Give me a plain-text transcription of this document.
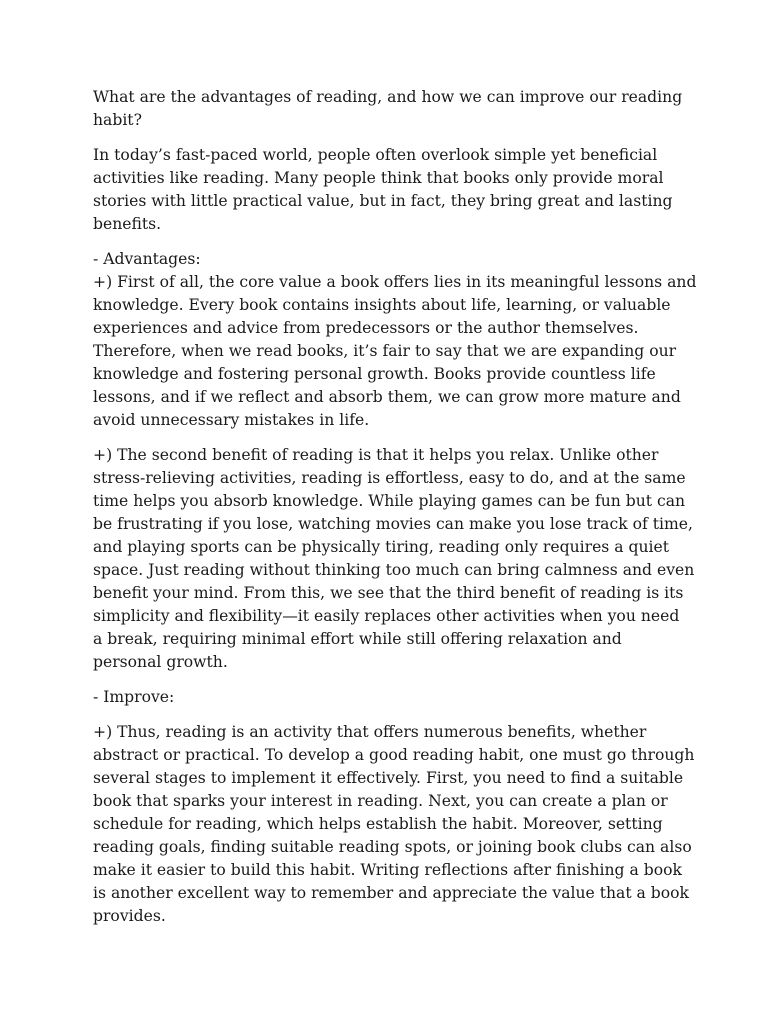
What are the advantages of reading, and how we can improve our reading
habit?

In today’s fast-paced world, people often overlook simple yet beneficial
activities like reading. Many people think that books only provide moral
stories with little practical value, but in fact, they bring great and lasting
benefits.

- Advantages:
+) First of all, the core value a book offers lies in its meaningful lessons and
knowledge. Every book contains insights about life, learning, or valuable
experiences and advice from predecessors or the author themselves.
Therefore, when we read books, it’s fair to say that we are expanding our
knowledge and fostering personal growth. Books provide countless life
lessons, and if we reflect and absorb them, we can grow more mature and
avoid unnecessary mistakes in life.

+) The second benefit of reading is that it helps you relax. Unlike other
stress-relieving activities, reading is effortless, easy to do, and at the same
time helps you absorb knowledge. While playing games can be fun but can
be frustrating if you lose, watching movies can make you lose track of time,
and playing sports can be physically tiring, reading only requires a quiet
space. Just reading without thinking too much can bring calmness and even
benefit your mind. From this, we see that the third benefit of reading is its
simplicity and flexibility—it easily replaces other activities when you need
a break, requiring minimal effort while still offering relaxation and
personal growth.

- Improve:

+) Thus, reading is an activity that offers numerous benefits, whether
abstract or practical. To develop a good reading habit, one must go through
several stages to implement it effectively. First, you need to find a suitable
book that sparks your interest in reading. Next, you can create a plan or
schedule for reading, which helps establish the habit. Moreover, setting
reading goals, finding suitable reading spots, or joining book clubs can also
make it easier to build this habit. Writing reflections after finishing a book
is another excellent way to remember and appreciate the value that a book
provides.
